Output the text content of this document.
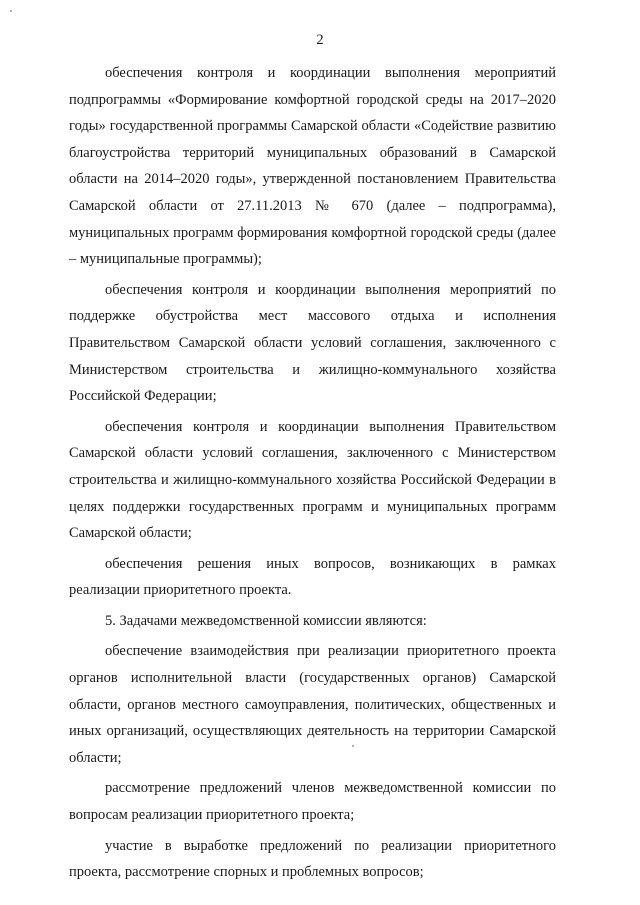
2

обеспечения контроля и координации выполнения мероприятий подпрограммы «Формирование комфортной городской среды на 2017–2020 годы» государственной программы Самарской области «Содействие развитию благоустройства территорий муниципальных образований в Самарской области на 2014–2020 годы», утвержденной постановлением Правительства Самарской области от 27.11.2013 № 670 (далее – подпрограмма), муниципальных программ формирования комфортной городской среды (далее – муниципальные программы);

обеспечения контроля и координации выполнения мероприятий по поддержке обустройства мест массового отдыха и исполнения Правительством Самарской области условий соглашения, заключенного с Министерством строительства и жилищно-коммунального хозяйства Российской Федерации;

обеспечения контроля и координации выполнения Правительством Самарской области условий соглашения, заключенного с Министерством строительства и жилищно-коммунального хозяйства Российской Федерации в целях поддержки государственных программ и муниципальных программ Самарской области;

обеспечения решения иных вопросов, возникающих в рамках реализации приоритетного проекта.

5. Задачами межведомственной комиссии являются:

обеспечение взаимодействия при реализации приоритетного проекта органов исполнительной власти (государственных органов) Самарской области, органов местного самоуправления, политических, общественных и иных организаций, осуществляющих деятельность на территории Самарской области;

рассмотрение предложений членов межведомственной комиссии по вопросам реализации приоритетного проекта;

участие в выработке предложений по реализации приоритетного проекта, рассмотрение спорных и проблемных вопросов;
